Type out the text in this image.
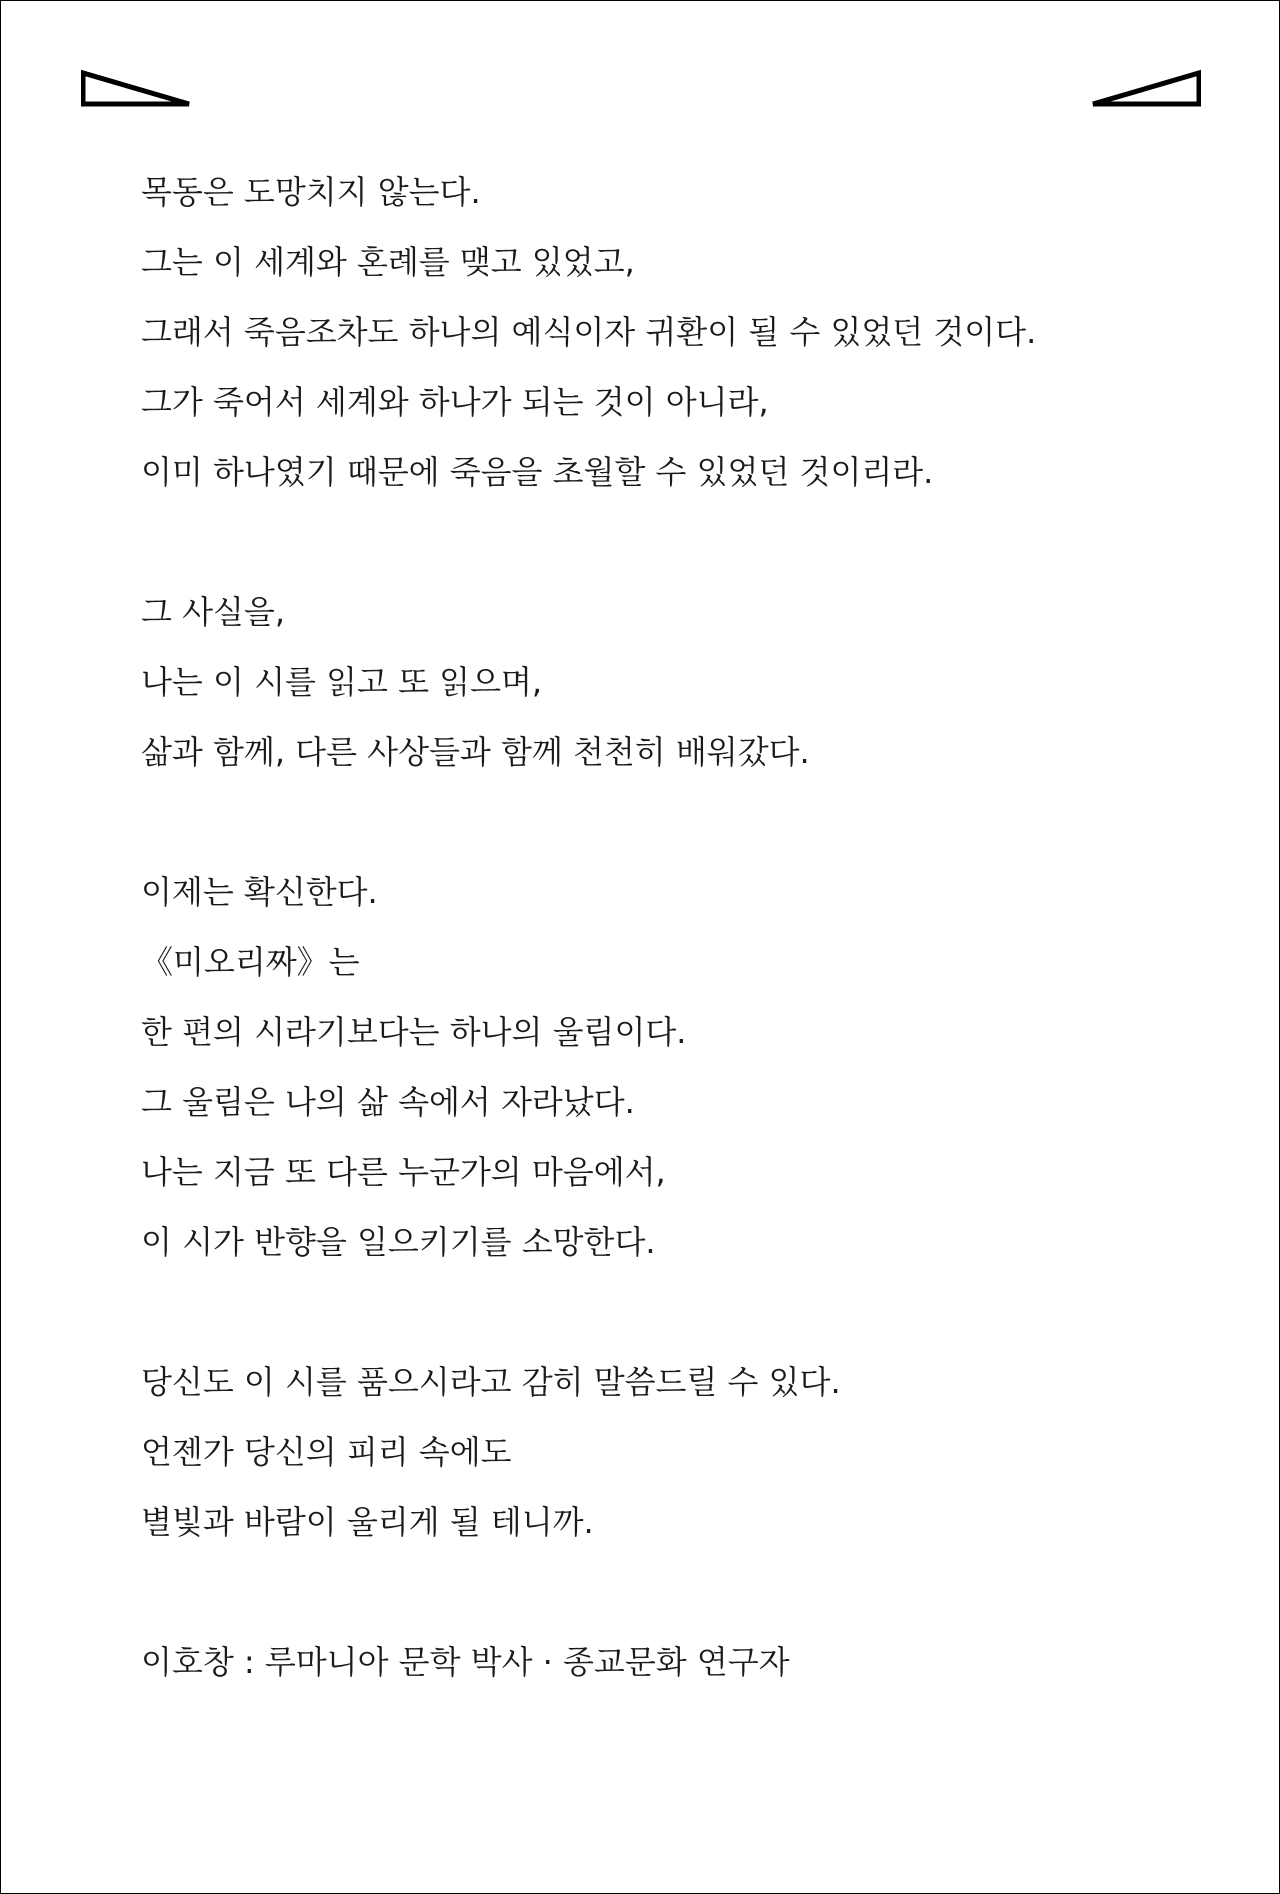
목동은 도망치지 않는다.
그는 이 세계와 혼례를 맺고 있었고,
그래서 죽음조차도 하나의 예식이자 귀환이 될 수 있었던 것이다.
그가 죽어서 세계와 하나가 되는 것이 아니라,
이미 하나였기 때문에 죽음을 초월할 수 있었던 것이리라.
그 사실을,
나는 이 시를 읽고 또 읽으며,
삶과 함께, 다른 사상들과 함께 천천히 배워갔다.
이제는 확신한다.
《미오리짜》는
한 편의 시라기보다는 하나의 울림이다.
그 울림은 나의 삶 속에서 자라났다.
나는 지금 또 다른 누군가의 마음에서,
이 시가 반향을 일으키기를 소망한다.
당신도 이 시를 품으시라고 감히 말씀드릴 수 있다.
언젠가 당신의 피리 속에도
별빛과 바람이 울리게 될 테니까.
이호창 : 루마니아 문학 박사 · 종교문화 연구자
